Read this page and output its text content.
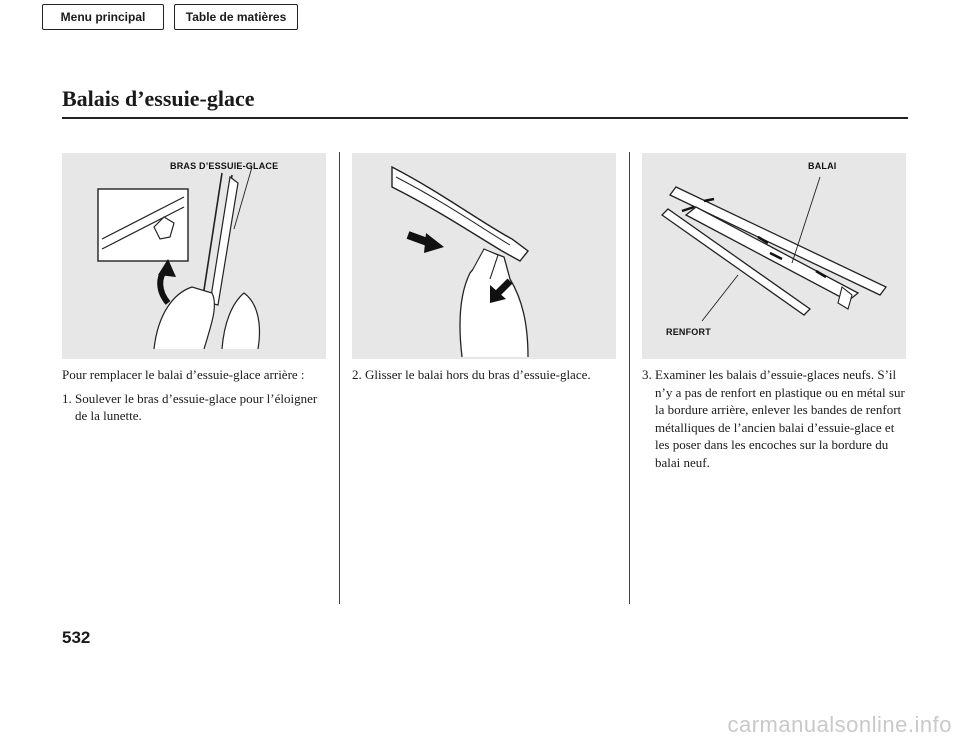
Menu principal	Table de matières
Balais d’essuie-glace
BRAS D’ESSUIE-GLACE	BALAI
RENFORT

Pour remplacer le balai d’essuie-glace arrière :

1. Soulever le bras d’essuie-glace pour l’éloigner de la lunette.

2. Glisser le balai hors du bras d’essuie-glace.	3. Examiner les balais d’essuie-glaces neufs. S’il n’y a pas de renfort en plastique ou en métal sur la bordure arrière, enlever les bandes de renfort métalliques de l’ancien balai d’essuie-glace et les poser dans les encoches sur la bordure du balai neuf.

532
carmanualsonline.info
